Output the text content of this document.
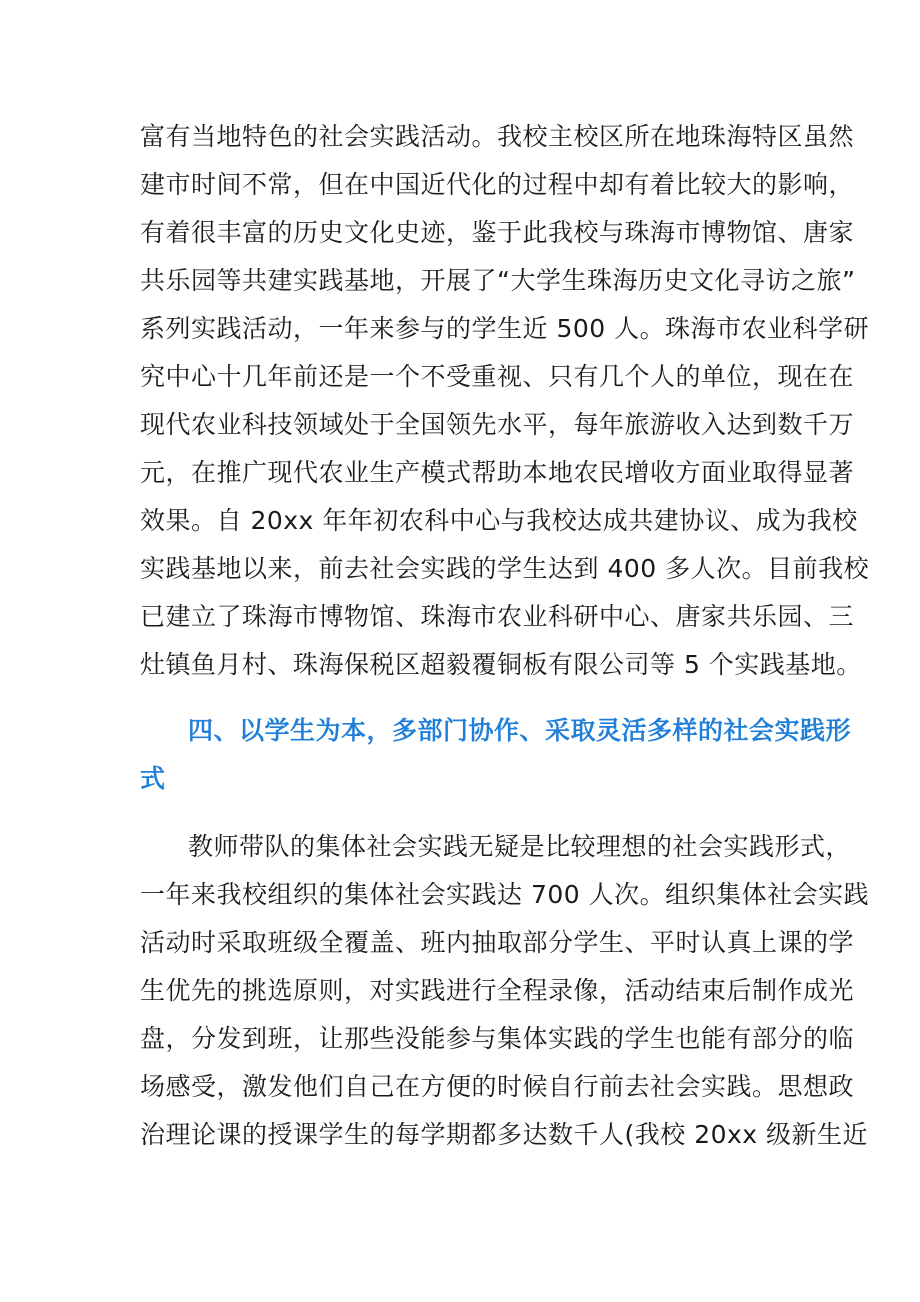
富有当地特色的社会实践活动。我校主校区所在地珠海特区虽然
建市时间不常，但在中国近代化的过程中却有着比较大的影响，
有着很丰富的历史文化史迹，鉴于此我校与珠海市博物馆、唐家
共乐园等共建实践基地，开展了“大学生珠海历史文化寻访之旅”
系列实践活动，一年来参与的学生近 500 人。珠海市农业科学研
究中心十几年前还是一个不受重视、只有几个人的单位，现在在
现代农业科技领域处于全国领先水平，每年旅游收入达到数千万
元，在推广现代农业生产模式帮助本地农民增收方面业取得显著
效果。自 20xx 年年初农科中心与我校达成共建协议、成为我校
实践基地以来，前去社会实践的学生达到 400 多人次。目前我校
已建立了珠海市博物馆、珠海市农业科研中心、唐家共乐园、三
灶镇鱼月村、珠海保税区超毅覆铜板有限公司等 5 个实践基地。
四、以学生为本，多部门协作、采取灵活多样的社会实践形
式
教师带队的集体社会实践无疑是比较理想的社会实践形式，
一年来我校组织的集体社会实践达 700 人次。组织集体社会实践
活动时采取班级全覆盖、班内抽取部分学生、平时认真上课的学
生优先的挑选原则，对实践进行全程录像，活动结束后制作成光
盘，分发到班，让那些没能参与集体实践的学生也能有部分的临
场感受，激发他们自己在方便的时候自行前去社会实践。思想政
治理论课的授课学生的每学期都多达数千人(我校 20xx 级新生近
